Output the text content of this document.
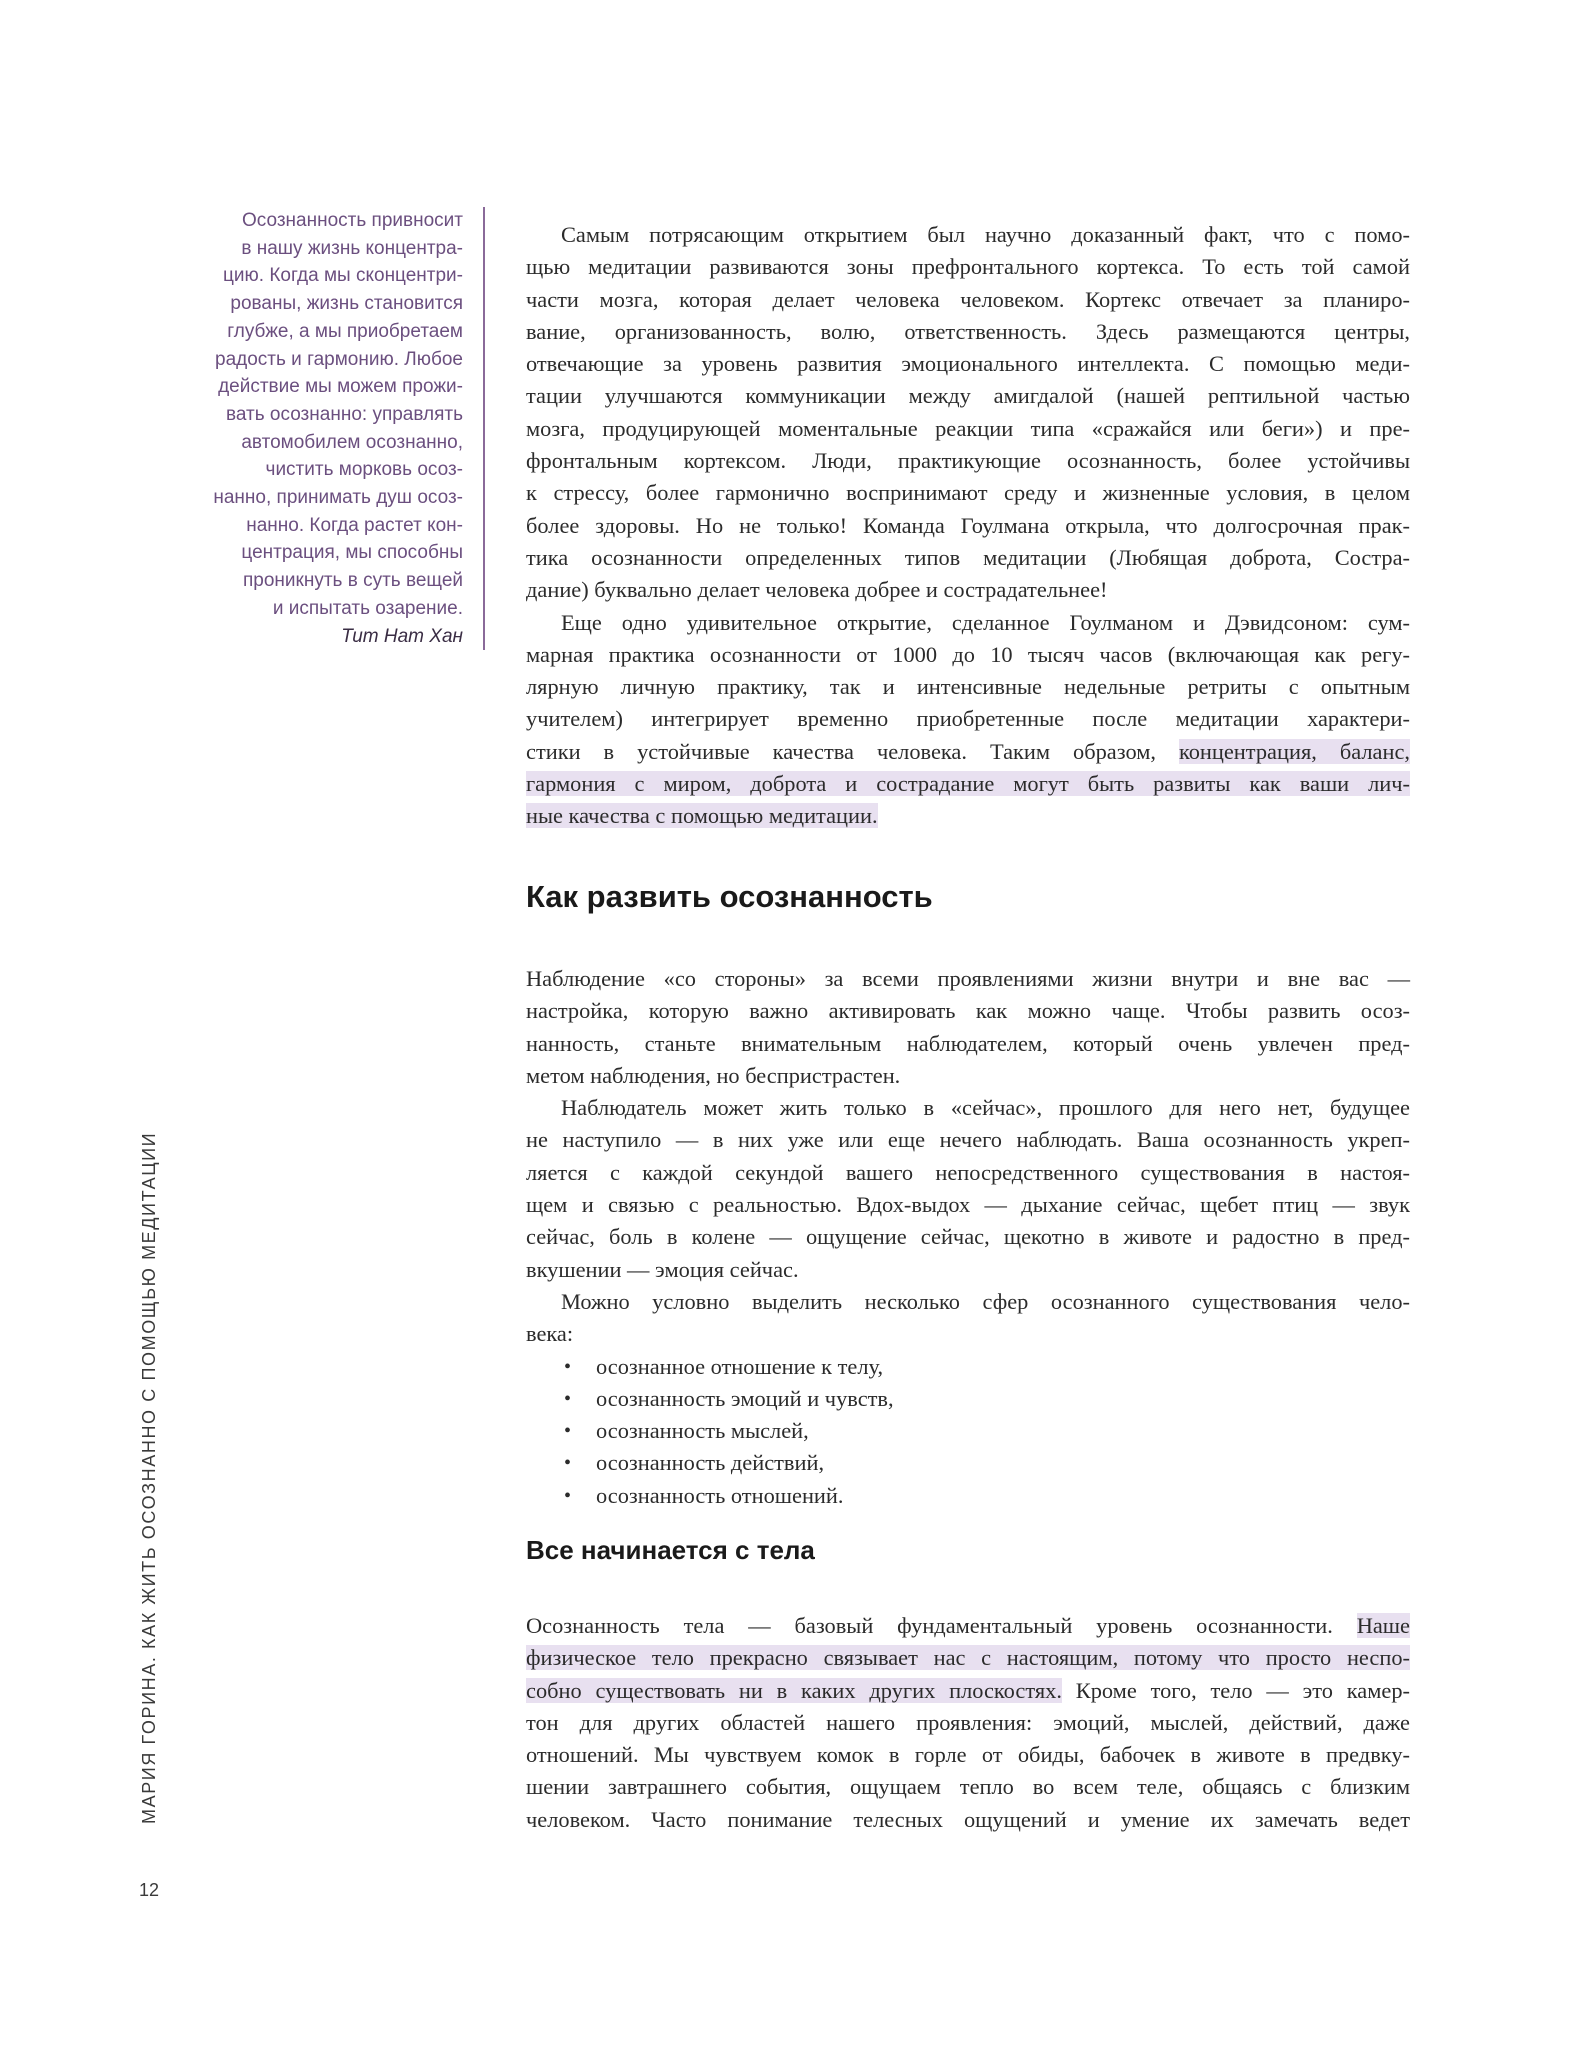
Осознанность привносит
в нашу жизнь концентра-
цию. Когда мы сконцентри-
рованы, жизнь становится
глубже, а мы приобретаем
радость и гармонию. Любое
действие мы можем прожи-
вать осознанно: управлять
автомобилем осознанно,
чистить морковь осоз-
нанно, принимать душ осоз-
нанно. Когда растет кон-
центрация, мы способны
проникнуть в суть вещей
и испытать озарение.
Тит Нат Хан
Самым потрясающим открытием был научно доказанный факт, что с помо-
щью медитации развиваются зоны префронтального кортекса. То есть той самой
части мозга, которая делает человека человеком. Кортекс отвечает за планиро-
вание, организованность, волю, ответственность. Здесь размещаются центры,
отвечающие за уровень развития эмоционального интеллекта. С помощью меди-
тации улучшаются коммуникации между амигдалой (нашей рептильной частью
мозга, продуцирующей моментальные реакции типа «сражайся или беги») и пре-
фронтальным кортексом. Люди, практикующие осознанность, более устойчивы
к стрессу, более гармонично воспринимают среду и жизненные условия, в целом
более здоровы. Но не только! Команда Гоулмана открыла, что долгосрочная прак-
тика осознанности определенных типов медитации (Любящая доброта, Состра-
дание) буквально делает человека добрее и сострадательнее!
Еще одно удивительное открытие, сделанное Гоулманом и Дэвидсоном: сум-
марная практика осознанности от 1000 до 10 тысяч часов (включающая как регу-
лярную личную практику, так и интенсивные недельные ретриты с опытным
учителем) интегрирует временно приобретенные после медитации характери-
стики в устойчивые качества человека. Таким образом, концентрация, баланс,
гармония с миром, доброта и сострадание могут быть развиты как ваши лич-
ные качества с помощью медитации.
Как развить осознанность
Наблюдение «со стороны» за всеми проявлениями жизни внутри и вне вас —
настройка, которую важно активировать как можно чаще. Чтобы развить осоз-
нанность, станьте внимательным наблюдателем, который очень увлечен пред-
метом наблюдения, но беспристрастен.
Наблюдатель может жить только в «сейчас», прошлого для него нет, будущее
не наступило — в них уже или еще нечего наблюдать. Ваша осознанность укреп-
ляется с каждой секундой вашего непосредственного существования в настоя-
щем и связью с реальностью. Вдох-выдох — дыхание сейчас, щебет птиц — звук
сейчас, боль в колене — ощущение сейчас, щекотно в животе и радостно в пред-
вкушении — эмоция сейчас.
Можно условно выделить несколько сфер осознанного существования чело-
века:
• осознанное отношение к телу,
• осознанность эмоций и чувств,
• осознанность мыслей,
• осознанность действий,
• осознанность отношений.
Все начинается с тела
Осознанность тела — базовый фундаментальный уровень осознанности. Наше
физическое тело прекрасно связывает нас с настоящим, потому что просто неспо-
собно существовать ни в каких других плоскостях. Кроме того, тело — это камер-
тон для других областей нашего проявления: эмоций, мыслей, действий, даже
отношений. Мы чувствуем комок в горле от обиды, бабочек в животе в предвку-
шении завтрашнего события, ощущаем тепло во всем теле, общаясь с близким
человеком. Часто понимание телесных ощущений и умение их замечать ведет
МАРИЯ ГОРИНА. КАК ЖИТЬ ОСОЗНАННО С ПОМОЩЬЮ МЕДИТАЦИИ
12
